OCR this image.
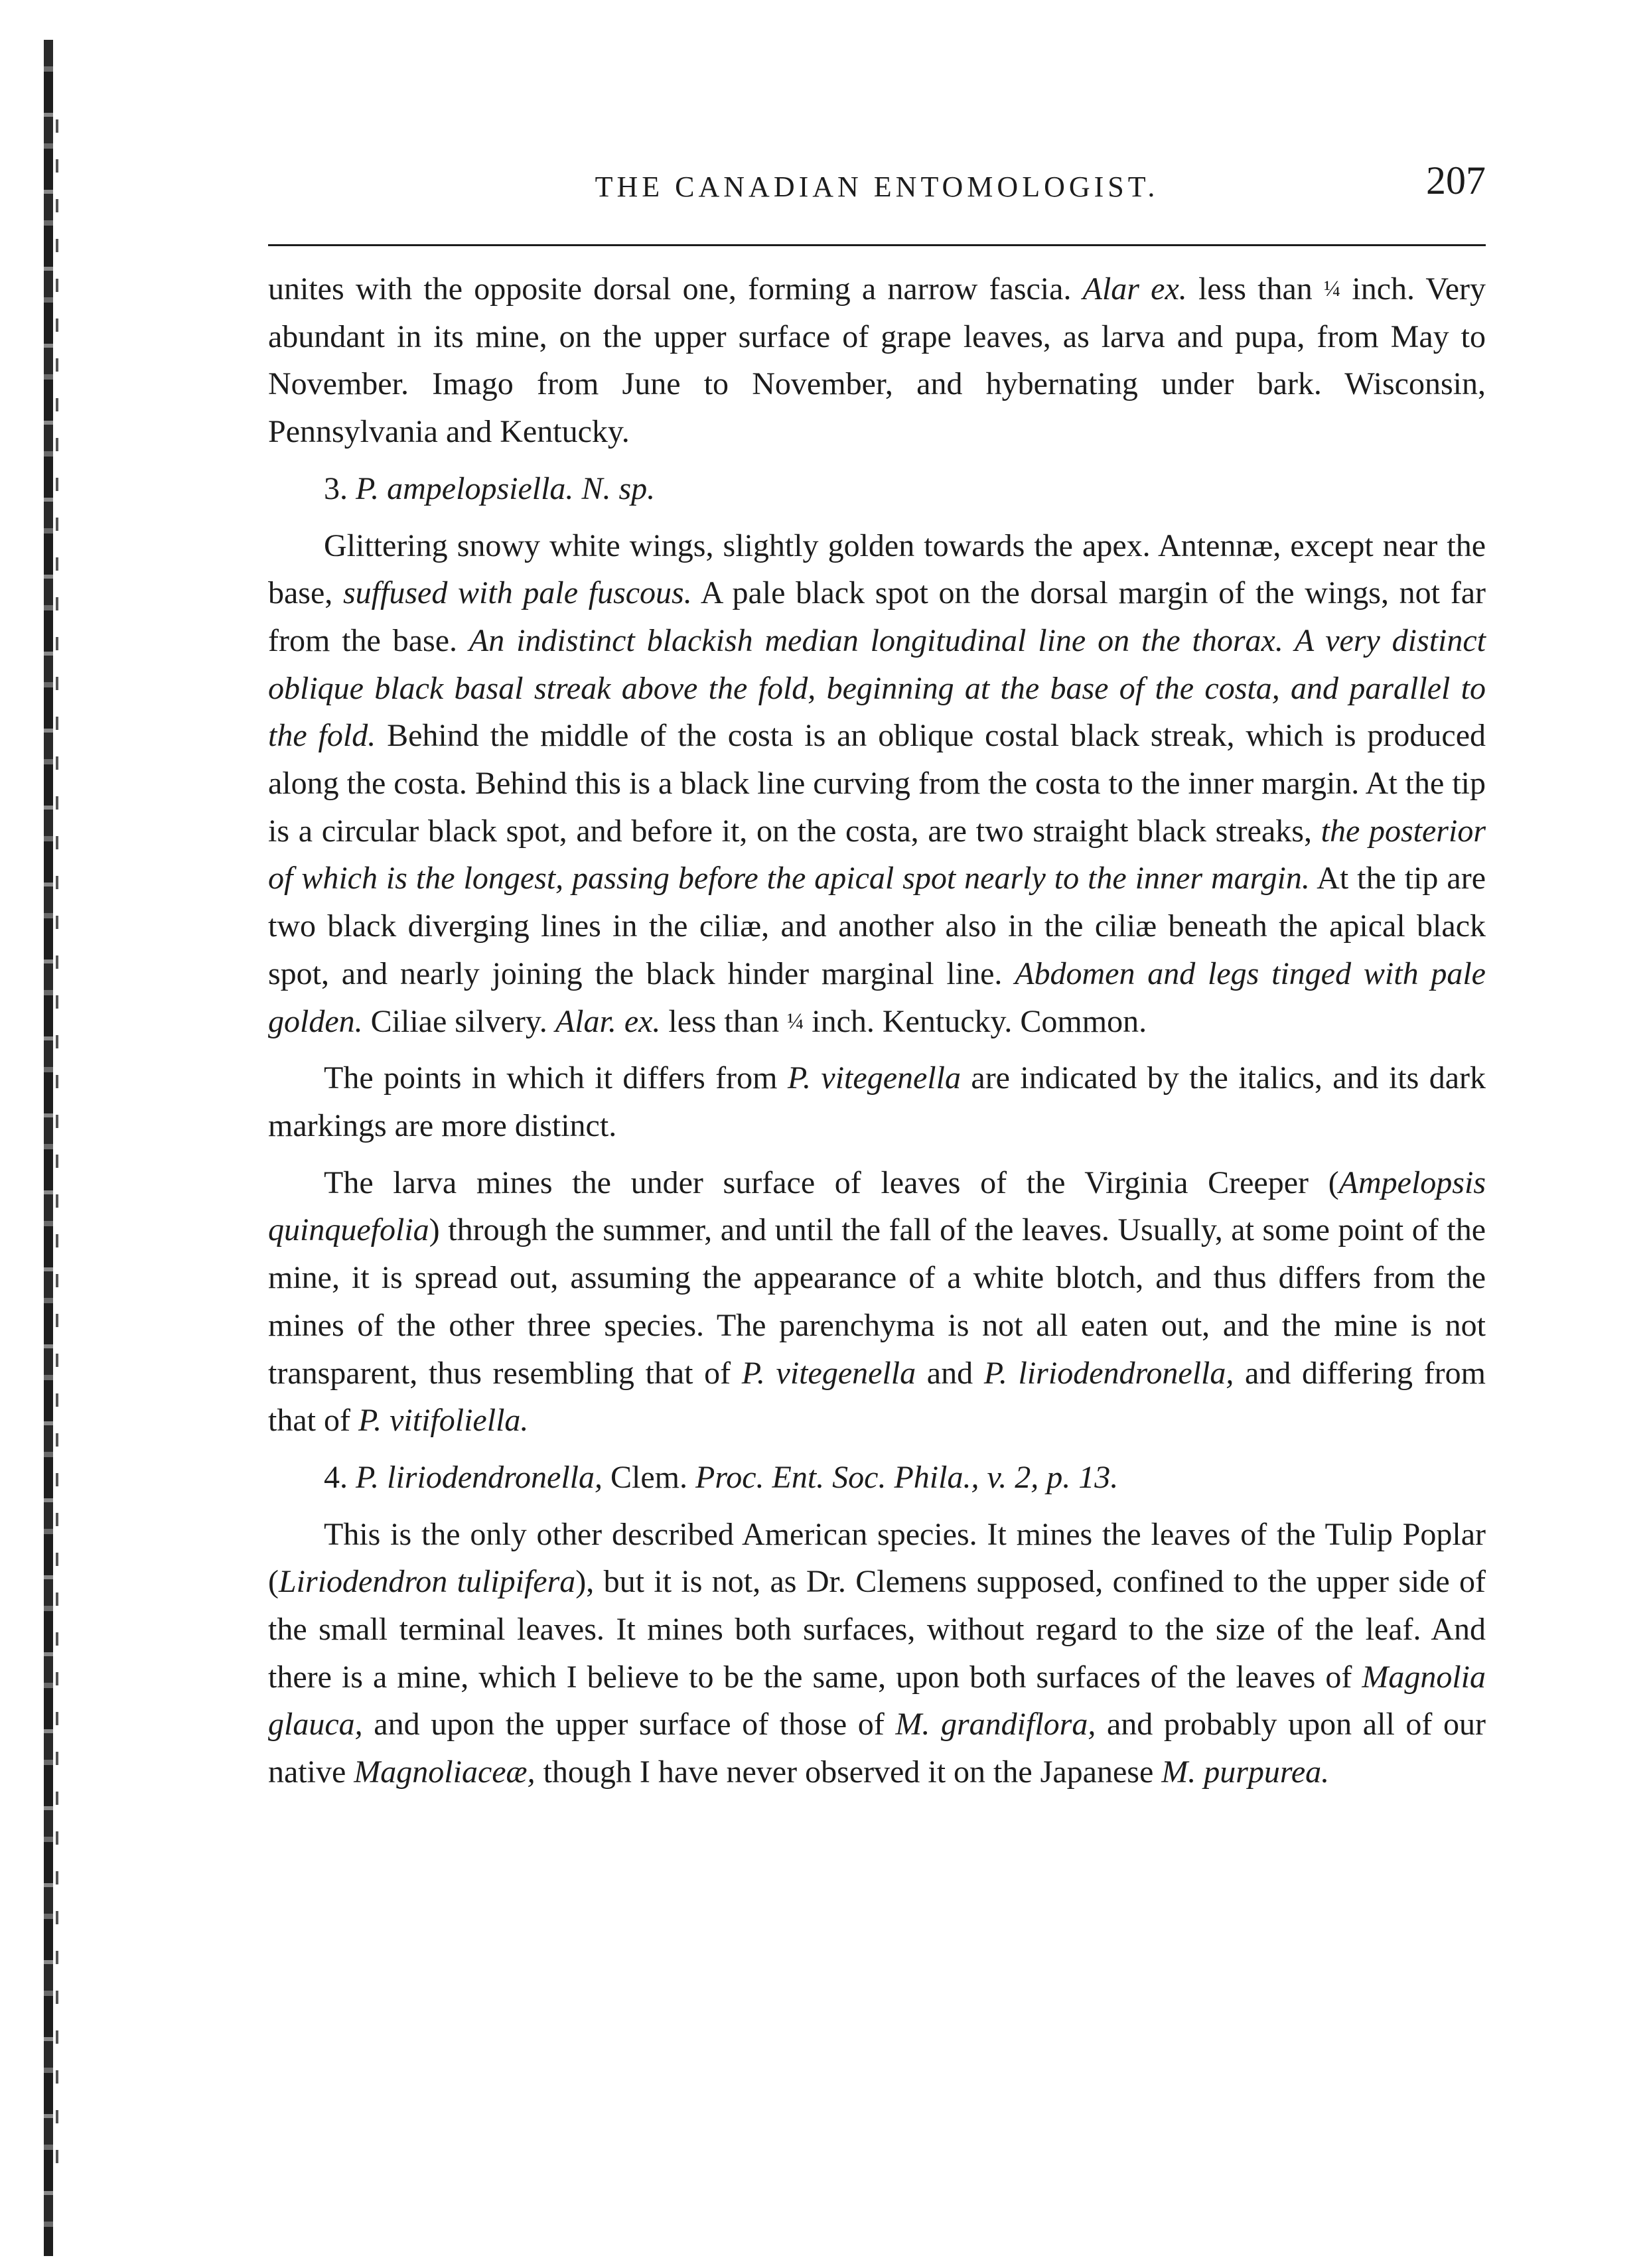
THE CANADIAN ENTOMOLOGIST.	207

unites with the opposite dorsal one, forming a narrow fascia. Alar ex. less than ¼ inch. Very abundant in its mine, on the upper surface of grape leaves, as larva and pupa, from May to November. Imago from June to November, and hybernating under bark. Wisconsin, Pennsylvania and Kentucky.

3. P. ampelopsiella. N. sp.

Glittering snowy white wings, slightly golden towards the apex. Antennæ, except near the base, suffused with pale fuscous. A pale black spot on the dorsal margin of the wings, not far from the base. An indistinct blackish median longitudinal line on the thorax. A very distinct oblique black basal streak above the fold, beginning at the base of the costa, and parallel to the fold. Behind the middle of the costa is an oblique costal black streak, which is produced along the costa. Behind this is a black line curving from the costa to the inner margin. At the tip is a circular black spot, and before it, on the costa, are two straight black streaks, the posterior of which is the longest, passing before the apical spot nearly to the inner margin. At the tip are two black diverging lines in the ciliæ, and another also in the ciliæ beneath the apical black spot, and nearly joining the black hinder marginal line. Abdomen and legs tinged with pale golden. Ciliae silvery. Alar. ex. less than ¼ inch. Kentucky. Common.

The points in which it differs from P. vitegenella are indicated by the italics, and its dark markings are more distinct.

The larva mines the under surface of leaves of the Virginia Creeper (Ampelopsis quinquefolia) through the summer, and until the fall of the leaves. Usually, at some point of the mine, it is spread out, assuming the appearance of a white blotch, and thus differs from the mines of the other three species. The parenchyma is not all eaten out, and the mine is not transparent, thus resembling that of P. vitegenella and P. liriodendronella, and differing from that of P. vitifoliella.

4. P. liriodendronella, Clem. Proc. Ent. Soc. Phila., v. 2, p. 13.

This is the only other described American species. It mines the leaves of the Tulip Poplar (Liriodendron tulipifera), but it is not, as Dr. Clemens supposed, confined to the upper side of the small terminal leaves. It mines both surfaces, without regard to the size of the leaf. And there is a mine, which I believe to be the same, upon both surfaces of the leaves of Magnolia glauca, and upon the upper surface of those of M. grandiflora, and probably upon all of our native Magnoliaceæ, though I have never observed it on the Japanese M. purpurea.
